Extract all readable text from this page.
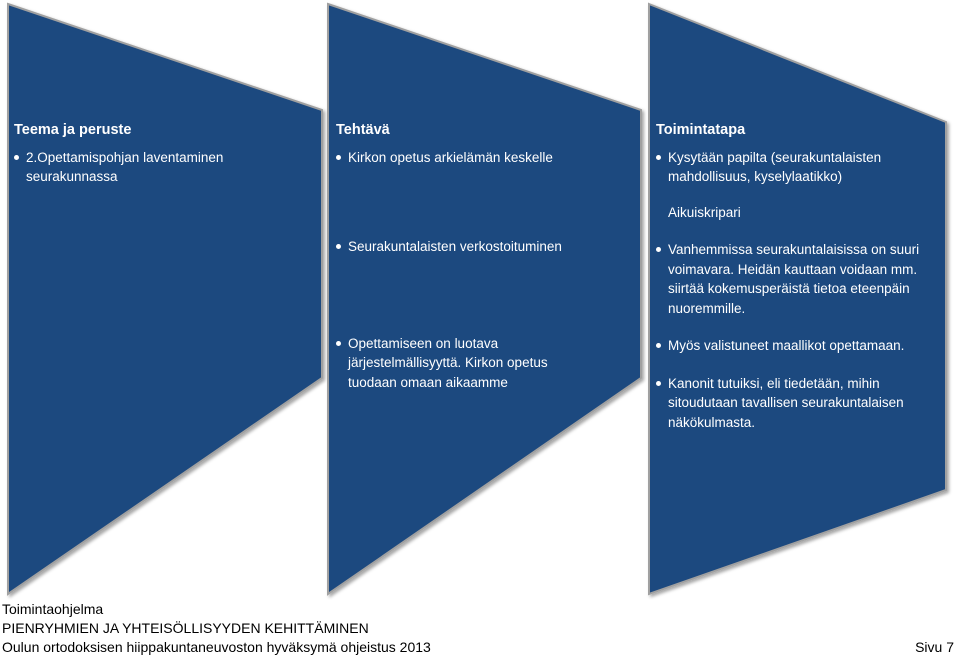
Teema ja peruste
2.Opettamispohjan laventaminen seurakunnassa
Tehtävä
Kirkon opetus arkielämän keskelle
Seurakuntalaisten verkostoituminen
Opettamiseen on luotava järjestelmällisyyttä. Kirkon opetus tuodaan omaan aikaamme
Toimintatapa
Kysytään papilta (seurakuntalaisten mahdollisuus, kyselylaatikko)
Aikuiskripari
Vanhemmissa seurakuntalaisissa on suuri voimavara. Heidän kauttaan voidaan mm. siirtää kokemusperäistä tietoa eteenpäin nuoremmille.
Myös valistuneet maallikot opettamaan.
Kanonit tutuiksi, eli tiedetään, mihin sitoudutaan tavallisen seurakuntalaisen näkökulmasta.
Toimintaohjelma
PIENRYHMIEN JA YHTEISÖLLISYYDEN KEHITTÄMINEN
Oulun ortodoksisen hiippakuntaneuvoston hyväksymä ohjeistus 2013	Sivu 7
